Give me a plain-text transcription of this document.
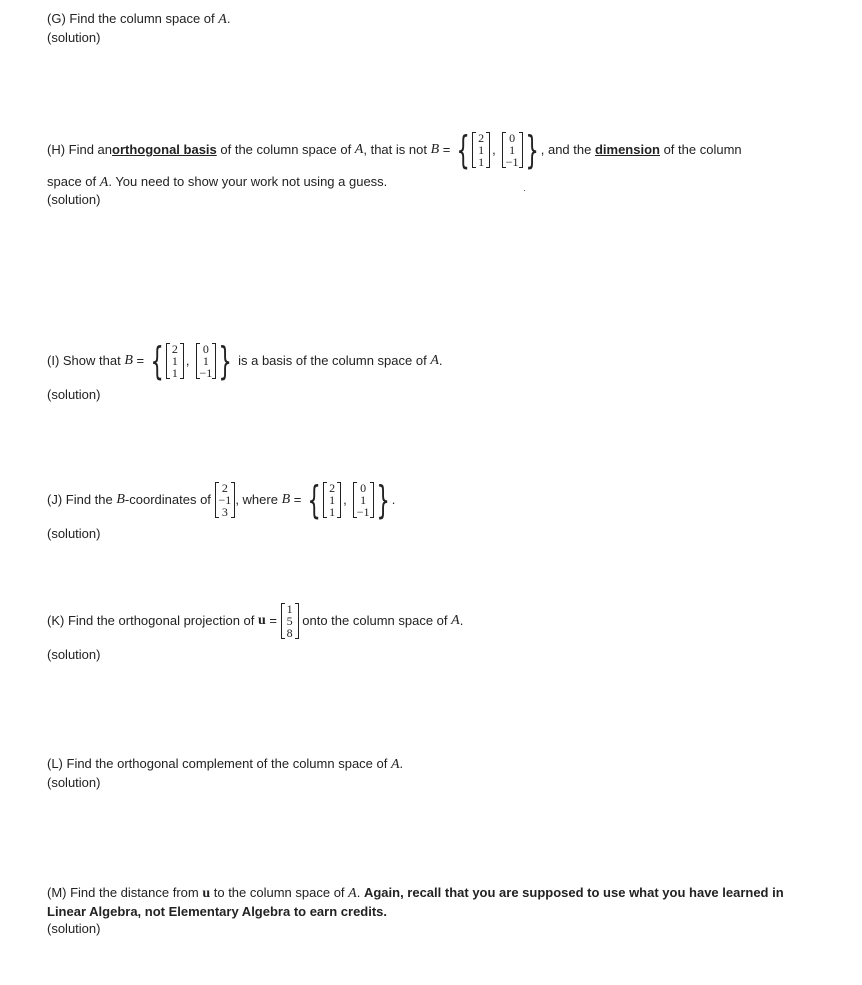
(G) Find the column space of A.
(solution)
(H) Find an orthogonal basis of the column space of A , that is not B = { 2
1
1
,
0
1
−1 } , and the dimension of the column
space of A. You need to show your work not using a guess.
(solution)
(I) Show that B = { 2
1
1
,
0
1
−1 } is a basis of the column space of A .
(solution)
(J) Find the B -coordinates of
2
−1
3
, where B = { 2
1
1
,
0
1
−1 } .
(solution)
(K) Find the orthogonal projection of u =
1
5
8
onto the column space of A .
(solution)
(L) Find the orthogonal complement of the column space of A.
(solution)
(M) Find the distance from u to the column space of A. Again, recall that you are supposed to use what you have learned in Linear Algebra, not Elementary Algebra to earn credits.
(solution)
